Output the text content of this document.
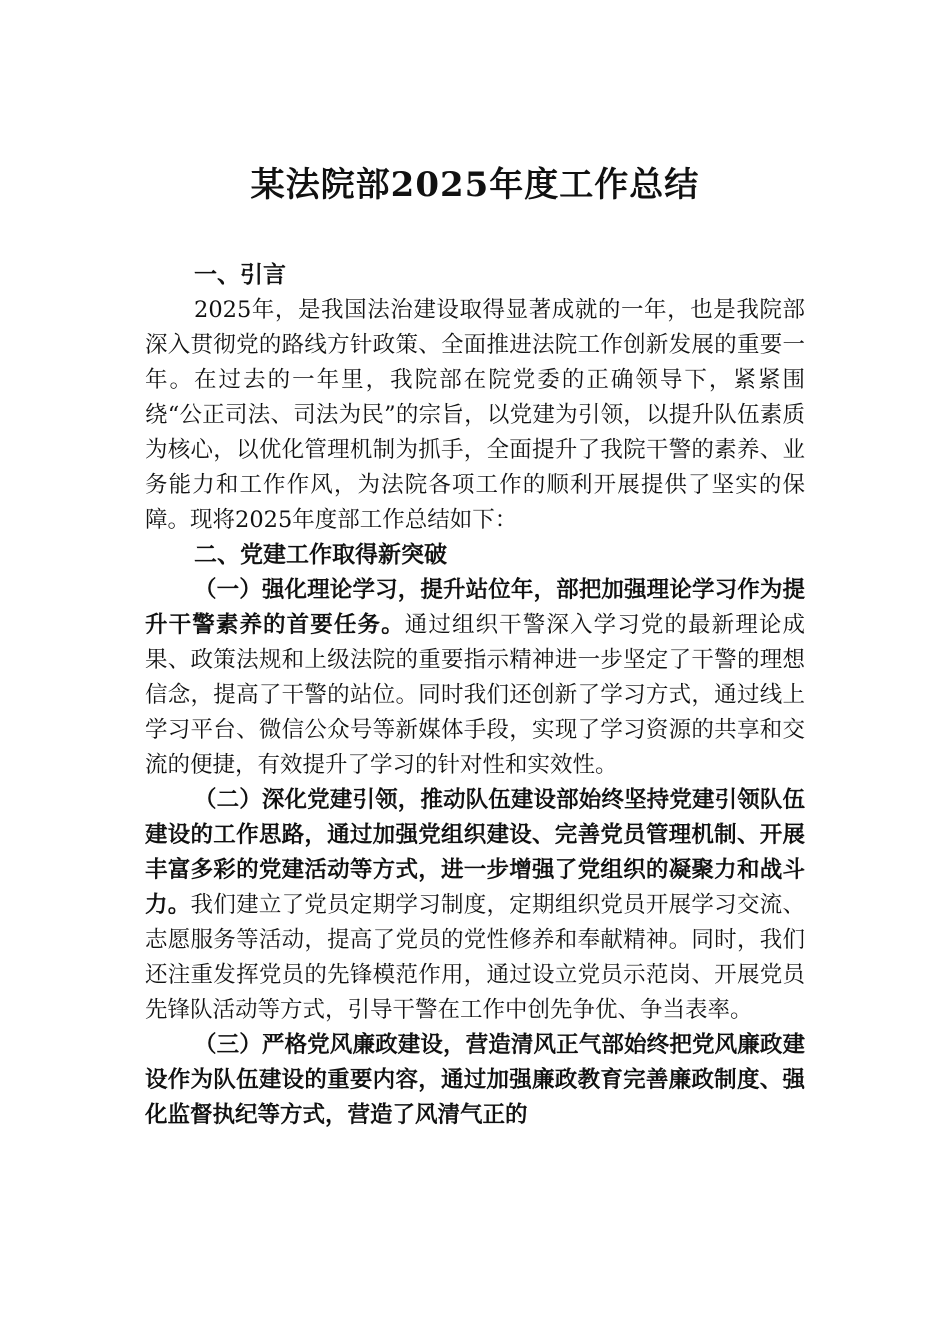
某法院部2025年度工作总结

一、引言

2025年，是我国法治建设取得显著成就的一年，也是我院部深入贯彻党的路线方针政策、全面推进法院工作创新发展的重要一年。在过去的一年里，我院部在院党委的正确领导下，紧紧围绕“公正司法、司法为民”的宗旨，以党建为引领，以提升队伍素质为核心，以优化管理机制为抓手，全面提升了我院干警的素养、业务能力和工作作风，为法院各项工作的顺利开展提供了坚实的保障。现将2025年度部工作总结如下：

二、党建工作取得新突破

（一）强化理论学习，提升站位年，部把加强理论学习作为提升干警素养的首要任务。通过组织干警深入学习党的最新理论成果、政策法规和上级法院的重要指示精神进一步坚定了干警的理想信念，提高了干警的站位。同时我们还创新了学习方式，通过线上学习平台、微信公众号等新媒体手段，实现了学习资源的共享和交流的便捷，有效提升了学习的针对性和实效性。

（二）深化党建引领，推动队伍建设部始终坚持党建引领队伍建设的工作思路，通过加强党组织建设、完善党员管理机制、开展丰富多彩的党建活动等方式，进一步增强了党组织的凝聚力和战斗力。我们建立了党员定期学习制度，定期组织党员开展学习交流、志愿服务等活动，提高了党员的党性修养和奉献精神。同时，我们还注重发挥党员的先锋模范作用，通过设立党员示范岗、开展党员先锋队活动等方式，引导干警在工作中创先争优、争当表率。

（三）严格党风廉政建设，营造清风正气部始终把党风廉政建设作为队伍建设的重要内容，通过加强廉政教育完善廉政制度、强化监督执纪等方式，营造了风清气正的
